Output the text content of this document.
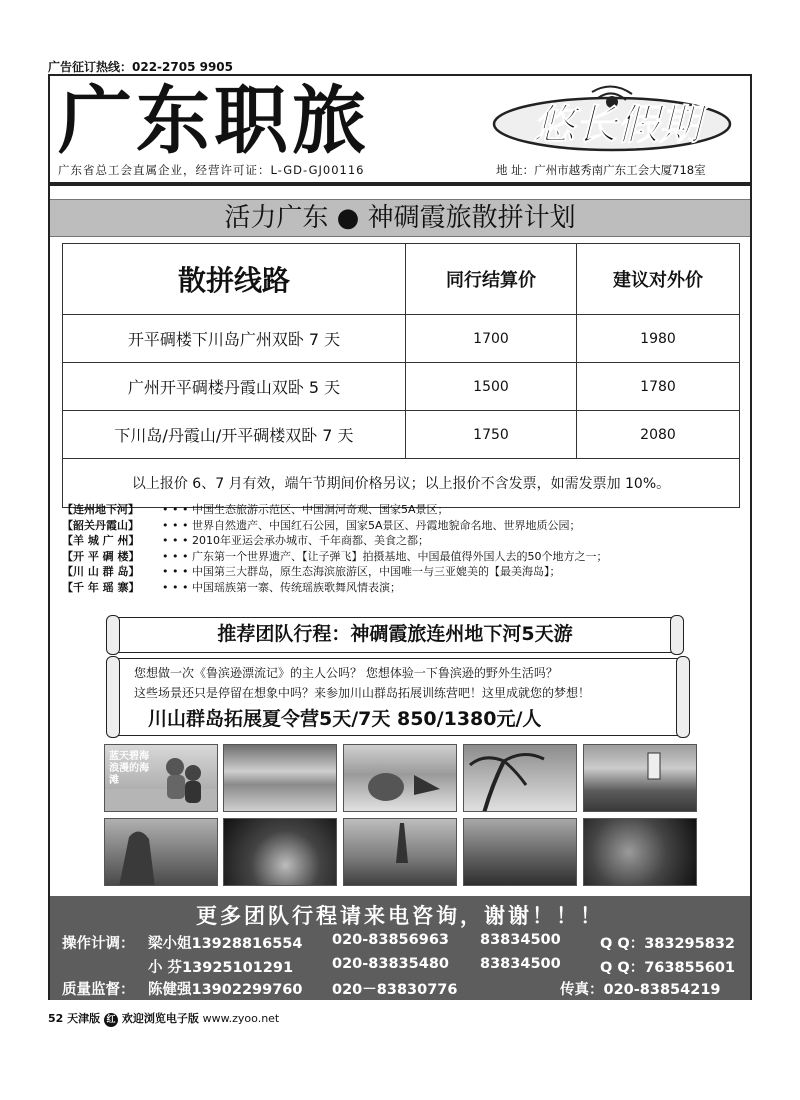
广告征订热线：022-2705 9905
广东职旅	悠长假期
广东省总工会直属企业，经营许可证：L-GD-GJ00116	地 址：广州市越秀南广东工会大厦718室
活力广东 ● 神碉霞旅散拼计划
散拼线路	同行结算价	建议对外价
开平碉楼下川岛广州双卧 7 天	1700	1980
广州开平碉楼丹霞山双卧 5 天	1500	1780
下川岛/丹霞山/开平碉楼双卧 7 天	1750	2080
以上报价 6、7 月有效，端午节期间价格另议；以上报价不含发票，如需发票加 10%。		
【连州地下河】 • • • 中国生态旅游示范区、中国洞河奇观、国家5A景区；
【韶关丹霞山】 • • • 世界自然遗产、中国红石公园，国家5A景区、丹霞地貌命名地、世界地质公园；
【羊 城 广 州】 • • • 2010年亚运会承办城市、千年商都、美食之都；
【开 平 碉 楼】 • • • 广东第一个世界遗产、【让子弹飞】拍摄基地、中国最值得外国人去的50个地方之一；
【川 山 群 岛】 • • • 中国第三大群岛，原生态海滨旅游区，中国唯一与三亚媲美的【最美海岛】；
【千 年 瑶 寨】 • • • 中国瑶族第一寨、传统瑶族歌舞风情表演；
推荐团队行程：神碉霞旅连州地下河5天游
您想做一次《鲁滨逊漂流记》的主人公吗？ 您想体验一下鲁滨逊的野外生活吗？
这些场景还只是停留在想象中吗？来参加川山群岛拓展训练营吧！这里成就您的梦想！
川山群岛拓展夏令营5天/7天 850/1380元/人
蓝天碧海 浪漫的海滩
更多团队行程请来电咨询，谢谢！！！
操作计调： 梁小姐13928816554 020-83856963 83834500	Q Q：383295832
小 芬13925101291	020-83835480 83834500	Q Q：763855601
质量监督： 陈健强13902299760 020－83830776	传真：020-83854219
52 天津版 红 欢迎浏览电子版 www.zyoo.net
